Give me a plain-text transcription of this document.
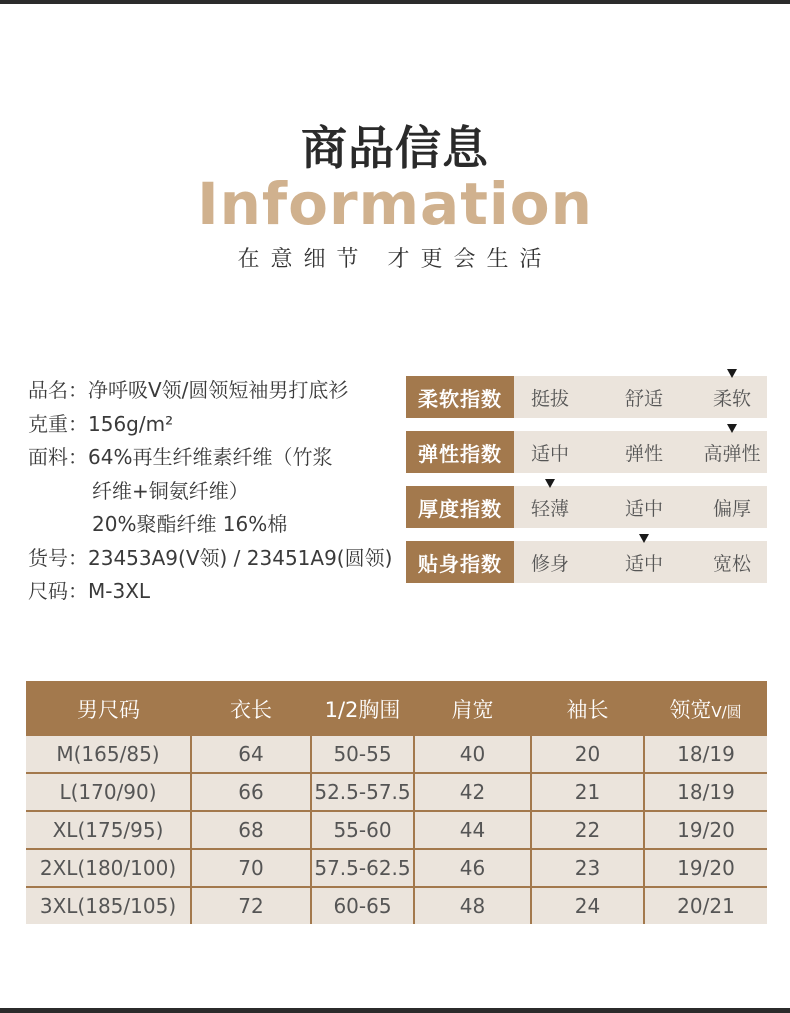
商品信息
Information
在意细节 才更会生活
品名： 净呼吸V领/圆领短袖男打底衫
克重： 156g/m²
面料： 64%再生纤维素纤维（竹浆
纤维+铜氨纤维）
20%聚酯纤维 16%棉
货号： 23453A9(V领) / 23451A9(圆领)
尺码： M-3XL
柔软指数	挺拔	舒适	柔软
弹性指数	适中	弹性	高弹性
厚度指数	轻薄	适中	偏厚
贴身指数	修身	适中	宽松
男尺码	衣长	1/2胸围	肩宽	袖长	领宽V/圆
M(165/85)	64	50-55	40	20	18/19
L(170/90)	66	52.5-57.5	42	21	18/19
XL(175/95)	68	55-60	44	22	19/20
2XL(180/100)	70	57.5-62.5	46	23	19/20
3XL(185/105)	72	60-65	48	24	20/21
